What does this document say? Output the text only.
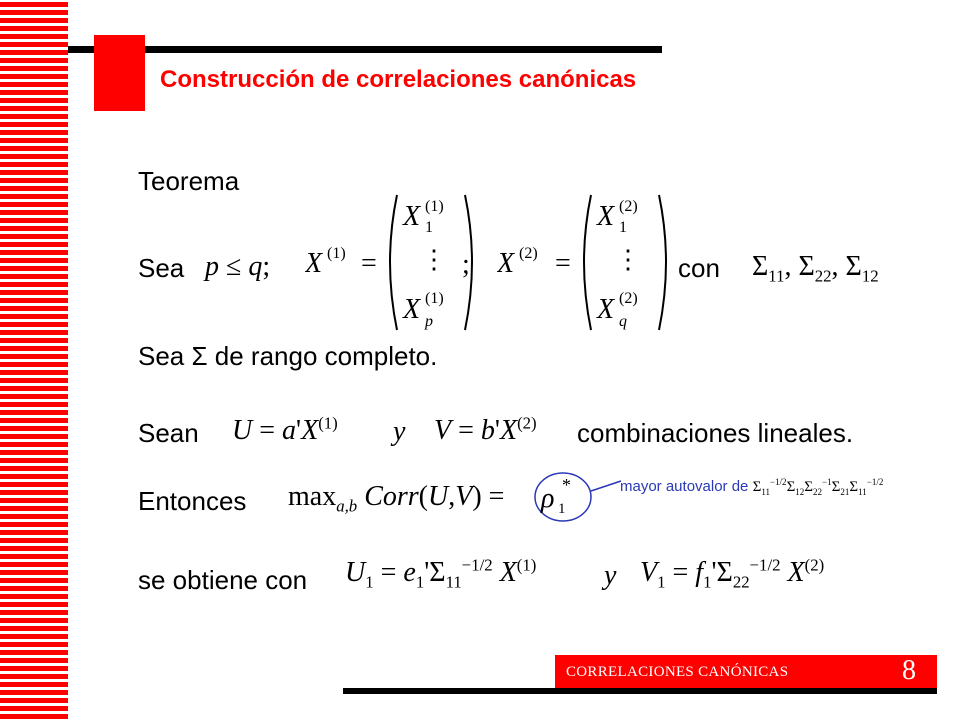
Construcción de correlaciones canónicas
Teorema
Sea p ≤ q; X (1) =
X (1)
1
⋮
X (1)
p
; X (2) =
X (2)
1
⋮
X (2)
q
con $\Sigma_{11}$, $\Sigma_{22}$, $\Sigma_{12}$
Sea Σ de rango completo.
Sean $U = a'X^{(1)}$ y $V = b'X^{(2)}$ combinaciones lineales.
Entonces $\max_{a,b}$ Corr(U,V) = ρ 1
*	mayor autovalor de $\Sigma_{11}^{-1/2}\Sigma_{12}\Sigma_{22}^{-1}\Sigma_{21}\Sigma_{11}^{-1/2}$
se obtiene con $U_1 = e_1'\Sigma_{11}^{-1/2}$ $X^{(1)}$ y $V_1 = f_1'\Sigma_{22}^{-1/2}$ $X^{(2)}$
CORRELACIONES CANÓNICAS	8
